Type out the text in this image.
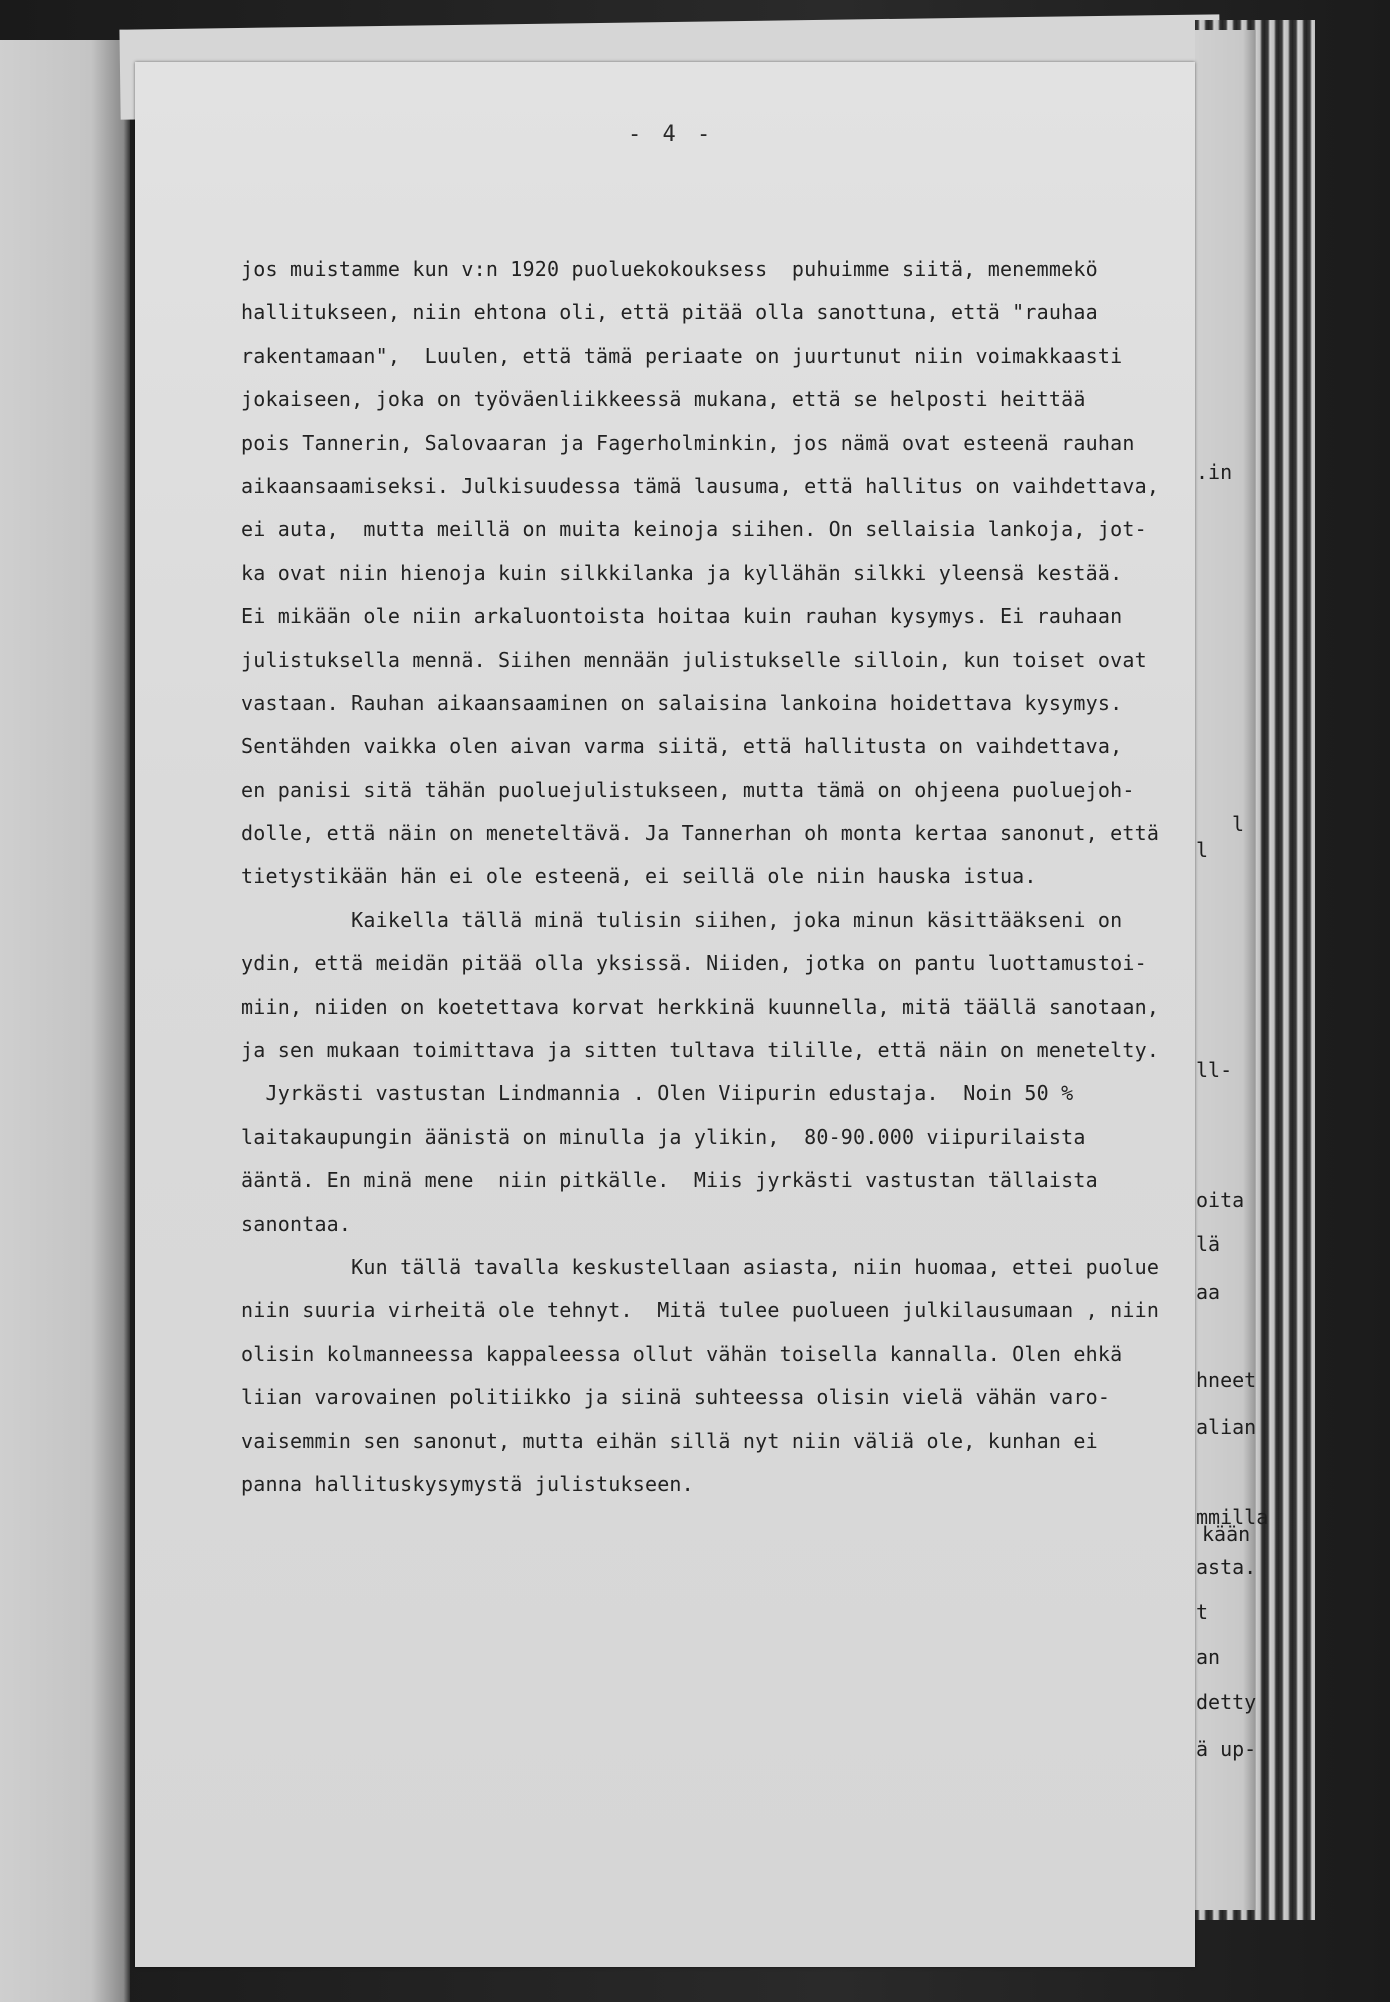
- 4 -
jos muistamme kun v:n 1920 puoluekokouksess  puhuimme siitä, menemmekö
hallitukseen, niin ehtona oli, että pitää olla sanottuna, että "rauhaa
rakentamaan",  Luulen, että tämä periaate on juurtunut niin voimakkaasti
jokaiseen, joka on työväenliikkeessä mukana, että se helposti heittää
pois Tannerin, Salovaaran ja Fagerholminkin, jos nämä ovat esteenä rauhan
aikaansaamiseksi. Julkisuudessa tämä lausuma, että hallitus on vaihdettava,
ei auta,  mutta meillä on muita keinoja siihen. On sellaisia lankoja, jot-
ka ovat niin hienoja kuin silkkilanka ja kyllähän silkki yleensä kestää.
Ei mikään ole niin arkaluontoista hoitaa kuin rauhan kysymys. Ei rauhaan
julistuksella mennä. Siihen mennään julistukselle silloin, kun toiset ovat
vastaan. Rauhan aikaansaaminen on salaisina lankoina hoidettava kysymys.
Sentähden vaikka olen aivan varma siitä, että hallitusta on vaihdettava,
en panisi sitä tähän puoluejulistukseen, mutta tämä on ohjeena puoluejoh-
dolle, että näin on meneteltävä. Ja Tannerhan oh monta kertaa sanonut, että
tietystikään hän ei ole esteenä, ei seillä ole niin hauska istua.
Kaikella tällä minä tulisin siihen, joka minun käsittääkseni on
ydin, että meidän pitää olla yksissä. Niiden, jotka on pantu luottamustoi-
miin, niiden on koetettava korvat herkkinä kuunnella, mitä täällä sanotaan,
ja sen mukaan toimittava ja sitten tultava tilille, että näin on menetelty.
Jyrkästi vastustan Lindmannia . Olen Viipurin edustaja.  Noin 50 %
laitakaupungin äänistä on minulla ja ylikin,  80-90.000 viipurilaista
ääntä. En minä mene  niin pitkälle.  Miis jyrkästi vastustan tällaista
sanontaa.
Kun tällä tavalla keskustellaan asiasta, niin huomaa, ettei puolue
niin suuria virheitä ole tehnyt.  Mitä tulee puolueen julkilausumaan , niin
olisin kolmanneessa kappaleessa ollut vähän toisella kannalla. Olen ehkä
liian varovainen politiikko ja siinä suhteessa olisin vielä vähän varo-
vaisemmin sen sanonut, mutta eihän sillä nyt niin väliä ole, kunhan ei
panna hallituskysymystä julistukseen.
.in
l
l
ll-
oita
lä
aa
hneet
alian
mmilla
kään
asta.
t
an
detty
ä up-
